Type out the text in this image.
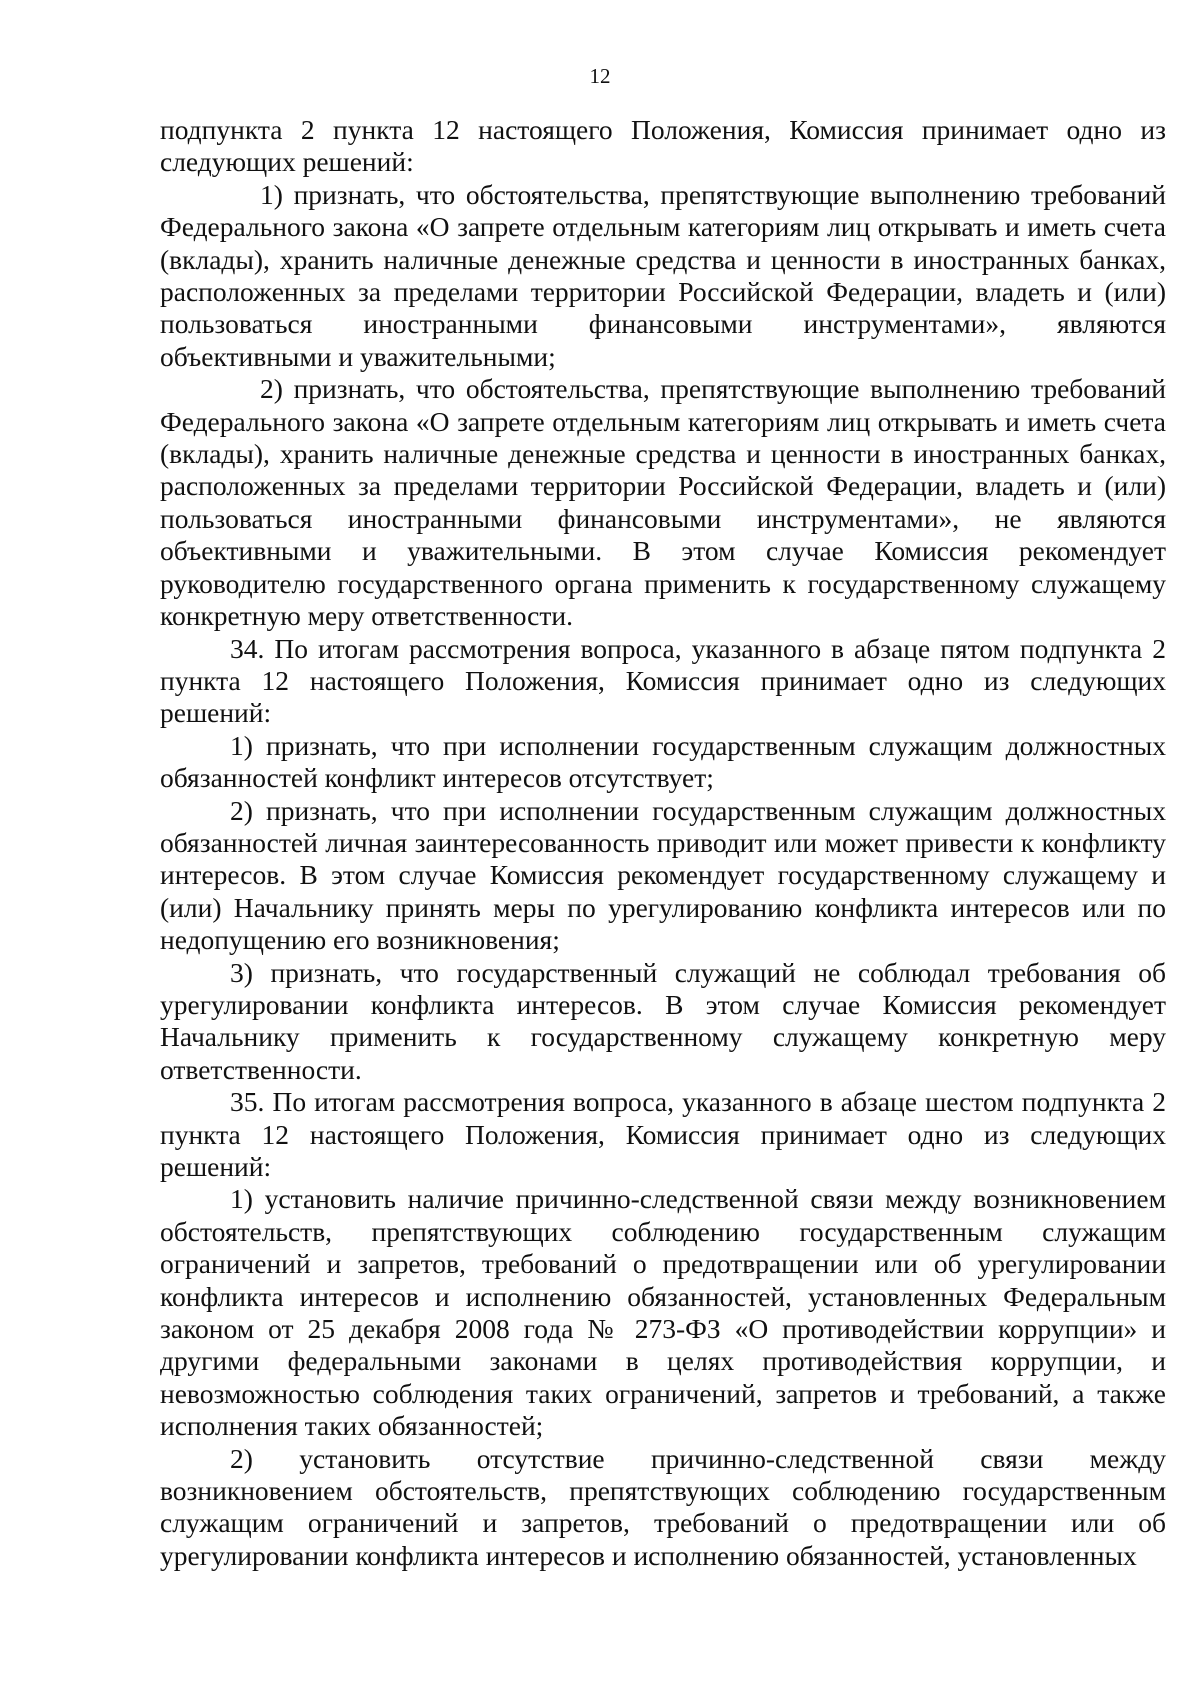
12

подпункта 2 пункта 12 настоящего Положения, Комиссия принимает одно из следующих решений:

1) признать, что обстоятельства, препятствующие выполнению требований Федерального закона «О запрете отдельным категориям лиц открывать и иметь счета (вклады), хранить наличные денежные средства и ценности в иностранных банках, расположенных за пределами территории Российской Федерации, владеть и (или) пользоваться иностранными финансовыми инструментами», являются объективными и уважительными;

2) признать, что обстоятельства, препятствующие выполнению требований Федерального закона «О запрете отдельным категориям лиц открывать и иметь счета (вклады), хранить наличные денежные средства и ценности в иностранных банках, расположенных за пределами территории Российской Федерации, владеть и (или) пользоваться иностранными финансовыми инструментами», не являются объективными и уважительными. В этом случае Комиссия рекомендует руководителю государственного органа применить к государственному служащему конкретную меру ответственности.

34. По итогам рассмотрения вопроса, указанного в абзаце пятом подпункта 2 пункта 12 настоящего Положения, Комиссия принимает одно из следующих решений:

1) признать, что при исполнении государственным служащим должностных обязанностей конфликт интересов отсутствует;

2) признать, что при исполнении государственным служащим должностных обязанностей личная заинтересованность приводит или может привести к конфликту интересов. В этом случае Комиссия рекомендует государственному служащему и (или) Начальнику принять меры по урегулированию конфликта интересов или по недопущению его возникновения;

3) признать, что государственный служащий не соблюдал требования об урегулировании конфликта интересов. В этом случае Комиссия рекомендует Начальнику применить к государственному служащему конкретную меру ответственности.

35. По итогам рассмотрения вопроса, указанного в абзаце шестом подпункта 2 пункта 12 настоящего Положения, Комиссия принимает одно из следующих решений:

1) установить наличие причинно-следственной связи между возникновением обстоятельств, препятствующих соблюдению государственным служащим ограничений и запретов, требований о предотвращении или об урегулировании конфликта интересов и исполнению обязанностей, установленных Федеральным законом от 25 декабря 2008 года № 273-ФЗ «О противодействии коррупции» и другими федеральными законами в целях противодействия коррупции, и невозможностью соблюдения таких ограничений, запретов и требований, а также исполнения таких обязанностей;

2) установить отсутствие причинно-следственной связи между возникновением обстоятельств, препятствующих соблюдению государственным служащим ограничений и запретов, требований о предотвращении или об урегулировании конфликта интересов и исполнению обязанностей, установленных
